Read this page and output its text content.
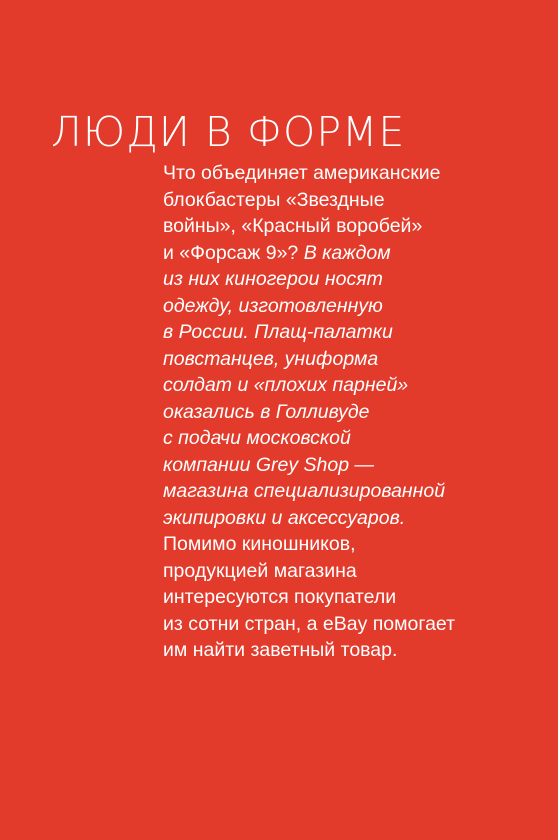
ЛЮДИ В ФОРМЕ

Что объединяет американские
блокбастеры «Звездные
войны», «Красный воробей»
и «Форсаж 9»? В каждом
из них киногерои носят
одежду, изготовленную
в России. Плащ-палатки
повстанцев, униформа
солдат и «плохих парней»
оказались в Голливуде
с подачи московской
компании Grey Shop —
магазина специализированной
экипировки и аксессуаров.
Помимо киношников,
продукцией магазина
интересуются покупатели
из сотни стран, а eBay помогает
им найти заветный товар.
